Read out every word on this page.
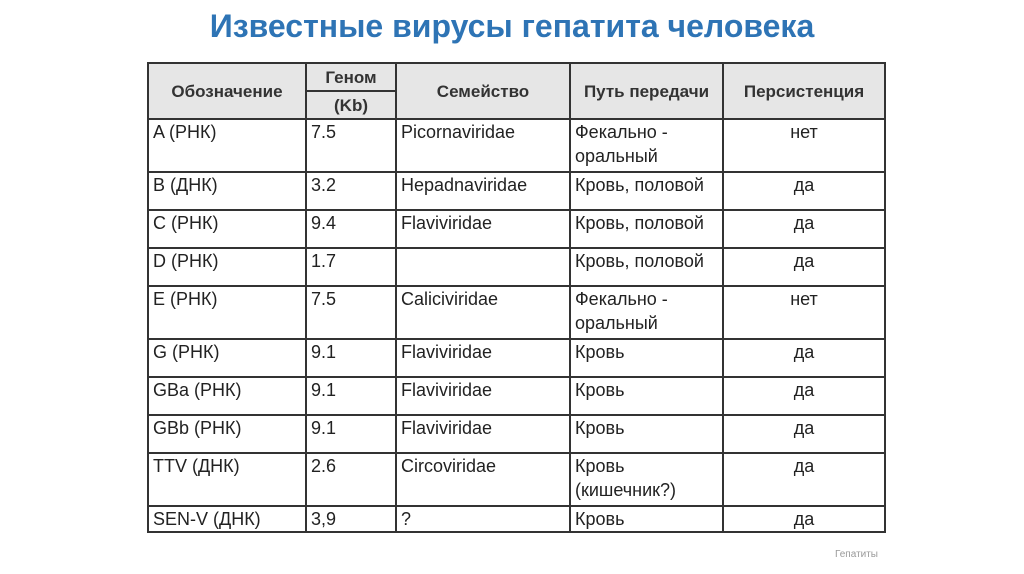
Известные вирусы гепатита человека
Обозначение	Геном	Семейство	Путь передачи	Персистенция
	(Kb)			
A (РНК)	7.5	Picornaviridae	Фекально - оральный	нет
B (ДНК)	3.2	Hepadnaviridae	Кровь, половой	да
C (РНК)	9.4	Flaviviridae	Кровь, половой	да
D (РНК)	1.7		Кровь, половой	да
E (РНК)	7.5	Caliciviridae	Фекально - оральный	нет
G (РНК)	9.1	Flaviviridae	Кровь	да
GBa (РНК)	9.1	Flaviviridae	Кровь	да
GBb (РНК)	9.1	Flaviviridae	Кровь	да
TTV (ДНК)	2.6	Circoviridae	Кровь (кишечник?)	да
SEN-V (ДНК)	3,9	?	Кровь	да
Гепатиты
